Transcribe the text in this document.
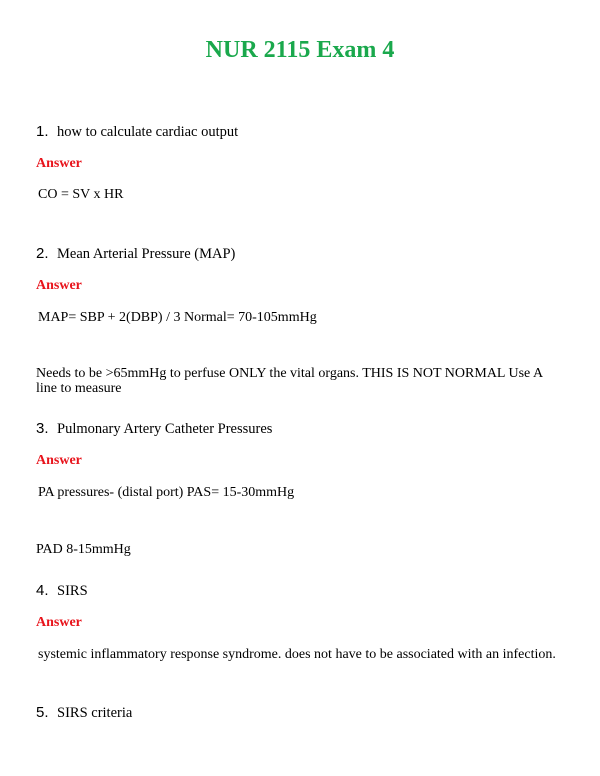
NUR 2115 Exam 4
1. how to calculate cardiac output
Answer
CO = SV x HR
2. Mean Arterial Pressure (MAP)
Answer
MAP= SBP + 2(DBP) / 3 Normal= 70-105mmHg
Needs to be >65mmHg to perfuse ONLY the vital organs. THIS IS NOT NORMAL Use A line to measure
3. Pulmonary Artery Catheter Pressures
Answer
PA pressures- (distal port) PAS= 15-30mmHg
PAD 8-15mmHg
4. SIRS
Answer
systemic inflammatory response syndrome. does not have to be associated with an infection.
5. SIRS criteria
